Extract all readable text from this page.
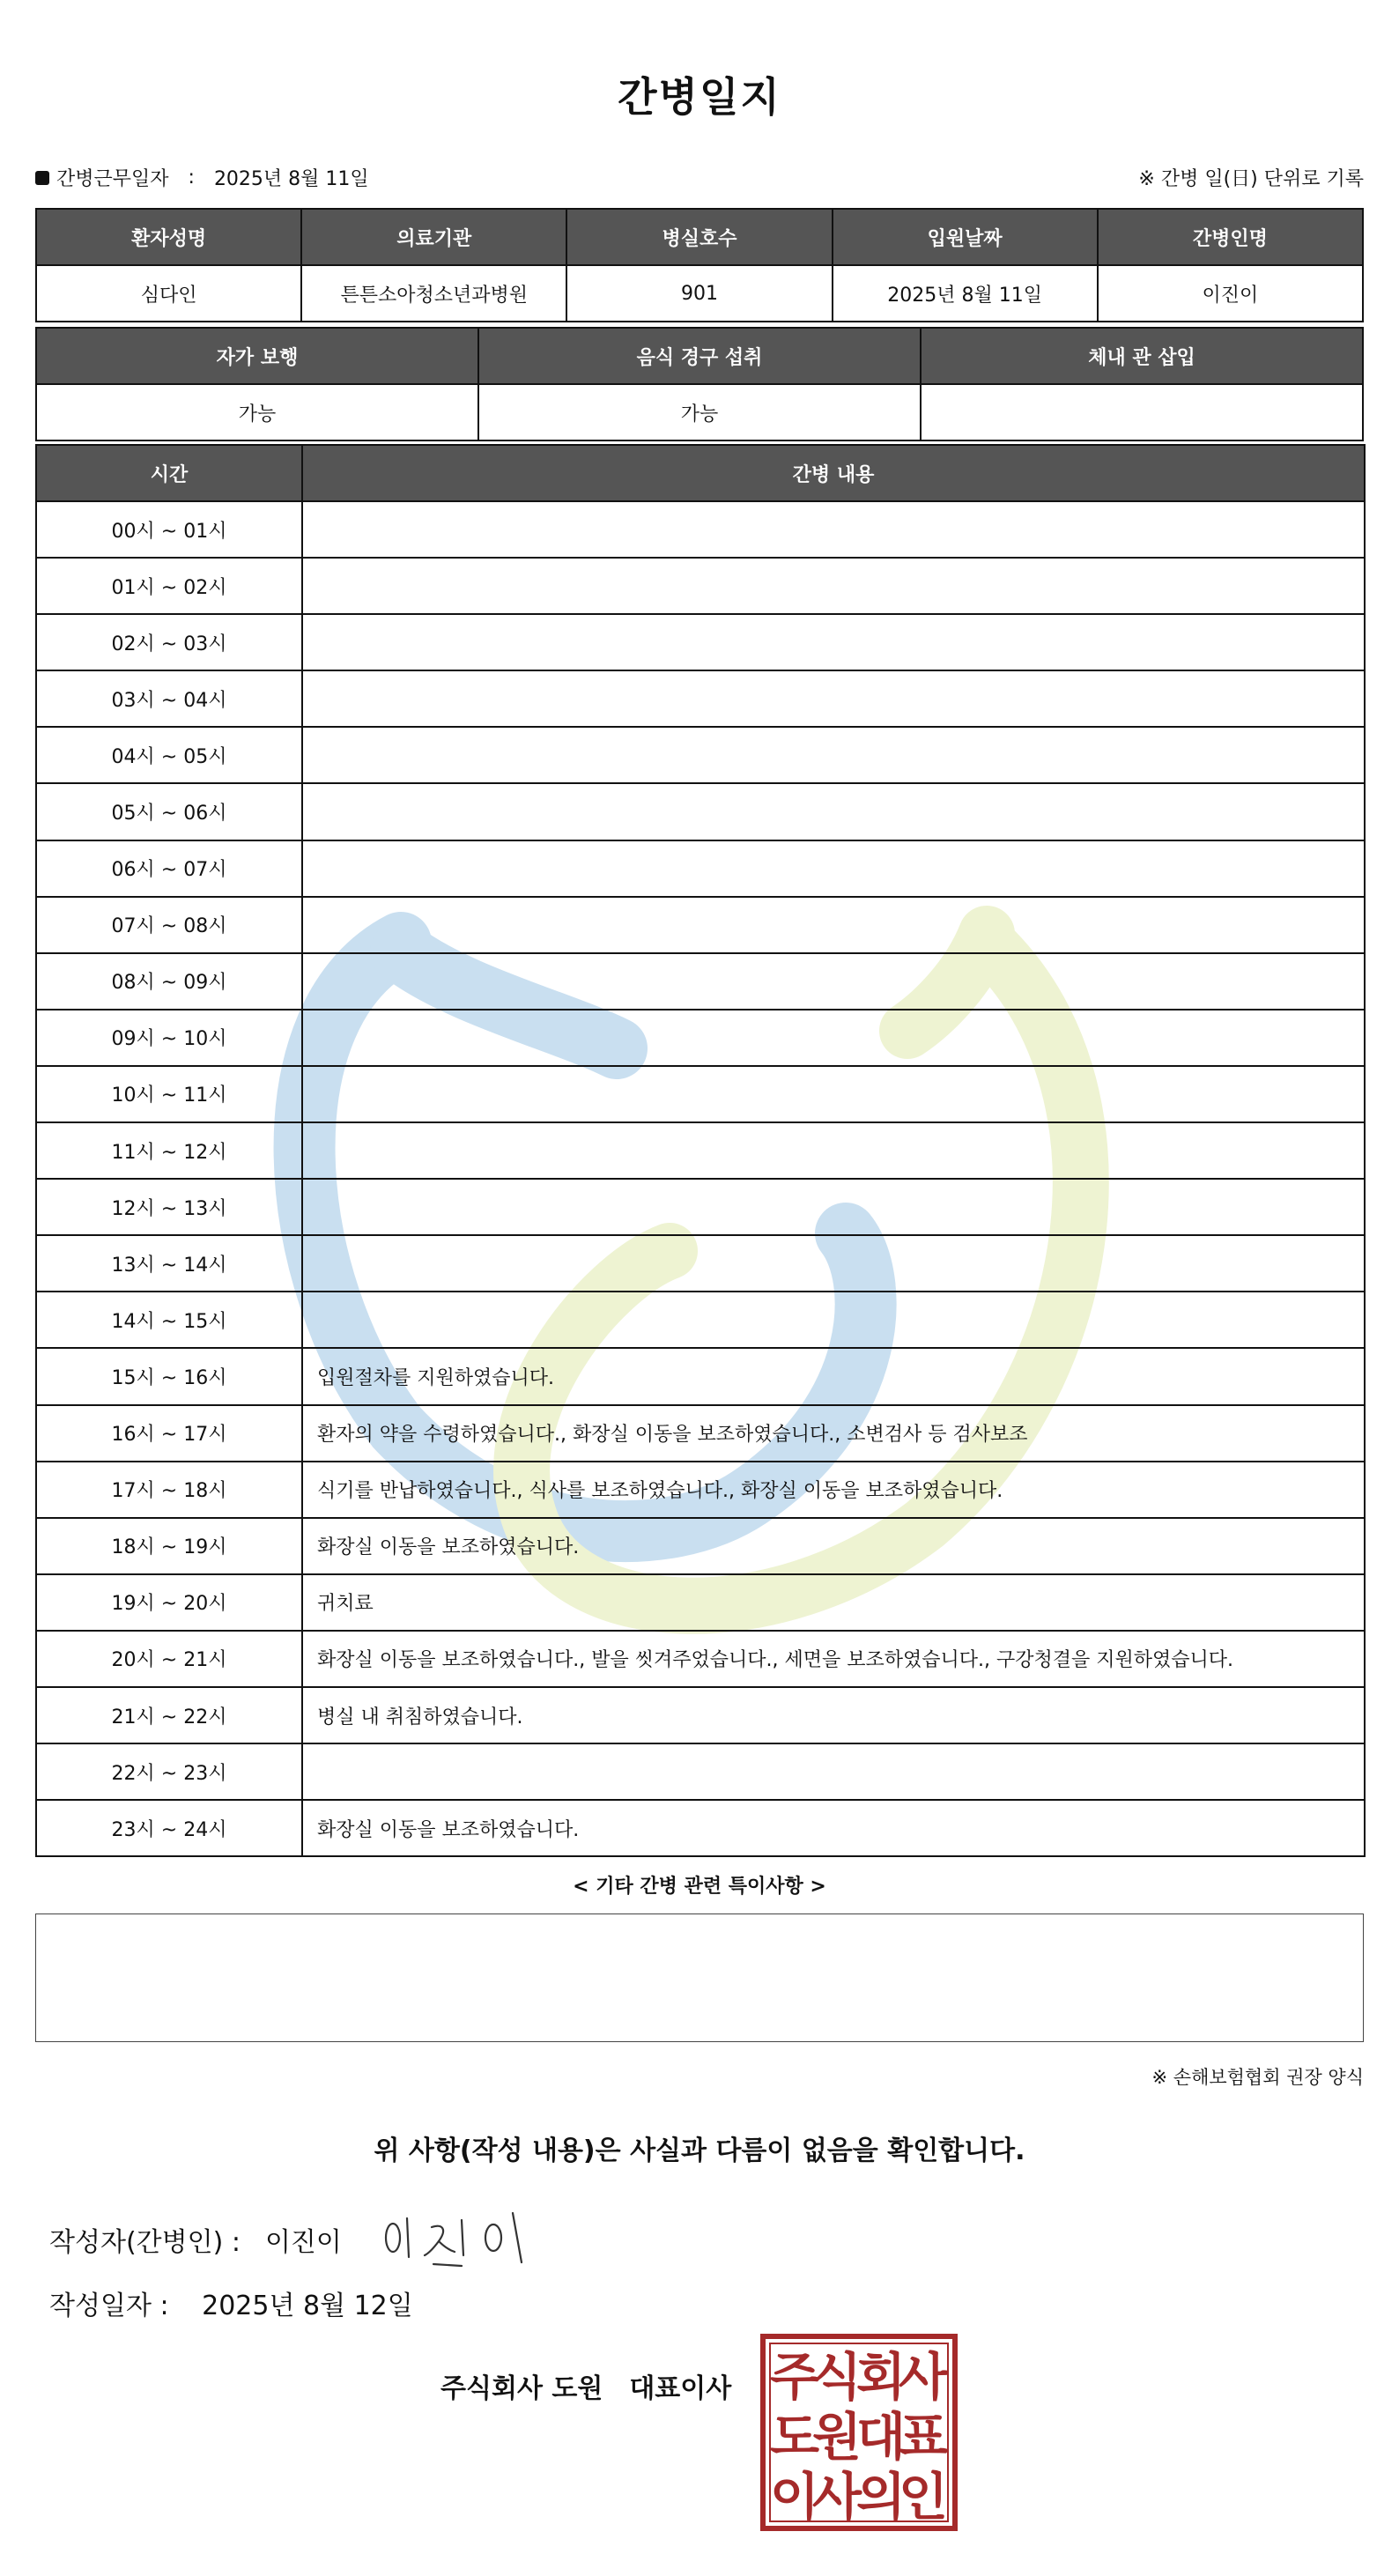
간병일지
간병근무일자 : 2025년 8월 11일	※ 간병 일(日) 단위로 기록
환자성명	의료기관	병실호수	입원날짜	간병인명
심다인	튼튼소아청소년과병원	901	2025년 8월 11일	이진이
자가 보행	음식 경구 섭취	체내 관 삽입
가능	가능	
시간	간병 내용
00시 ~ 01시	
01시 ~ 02시	
02시 ~ 03시	
03시 ~ 04시	
04시 ~ 05시	
05시 ~ 06시	
06시 ~ 07시	
07시 ~ 08시	
08시 ~ 09시	
09시 ~ 10시	
10시 ~ 11시	
11시 ~ 12시	
12시 ~ 13시	
13시 ~ 14시	
14시 ~ 15시	
15시 ~ 16시	입원절차를 지원하였습니다.
16시 ~ 17시	환자의 약을 수령하였습니다., 화장실 이동을 보조하였습니다., 소변검사 등 검사보조
17시 ~ 18시	식기를 반납하였습니다., 식사를 보조하였습니다., 화장실 이동을 보조하였습니다.
18시 ~ 19시	화장실 이동을 보조하였습니다.
19시 ~ 20시	귀치료
20시 ~ 21시	화장실 이동을 보조하였습니다., 발을 씻겨주었습니다., 세면을 보조하였습니다., 구강청결을 지원하였습니다.
21시 ~ 22시	병실 내 취침하였습니다.
22시 ~ 23시	
23시 ~ 24시	화장실 이동을 보조하였습니다.
< 기타 간병 관련 특이사항 >
※ 손해보험협회 권장 양식
위 사항(작성 내용)은 사실과 다름이 없음을 확인합니다.
작성자(간병인) : 이진이
작성일자 : 2025년 8월 12일
주식회사 도원 대표이사 주
식
회
사
도
원
대
표
이
사
의
인
